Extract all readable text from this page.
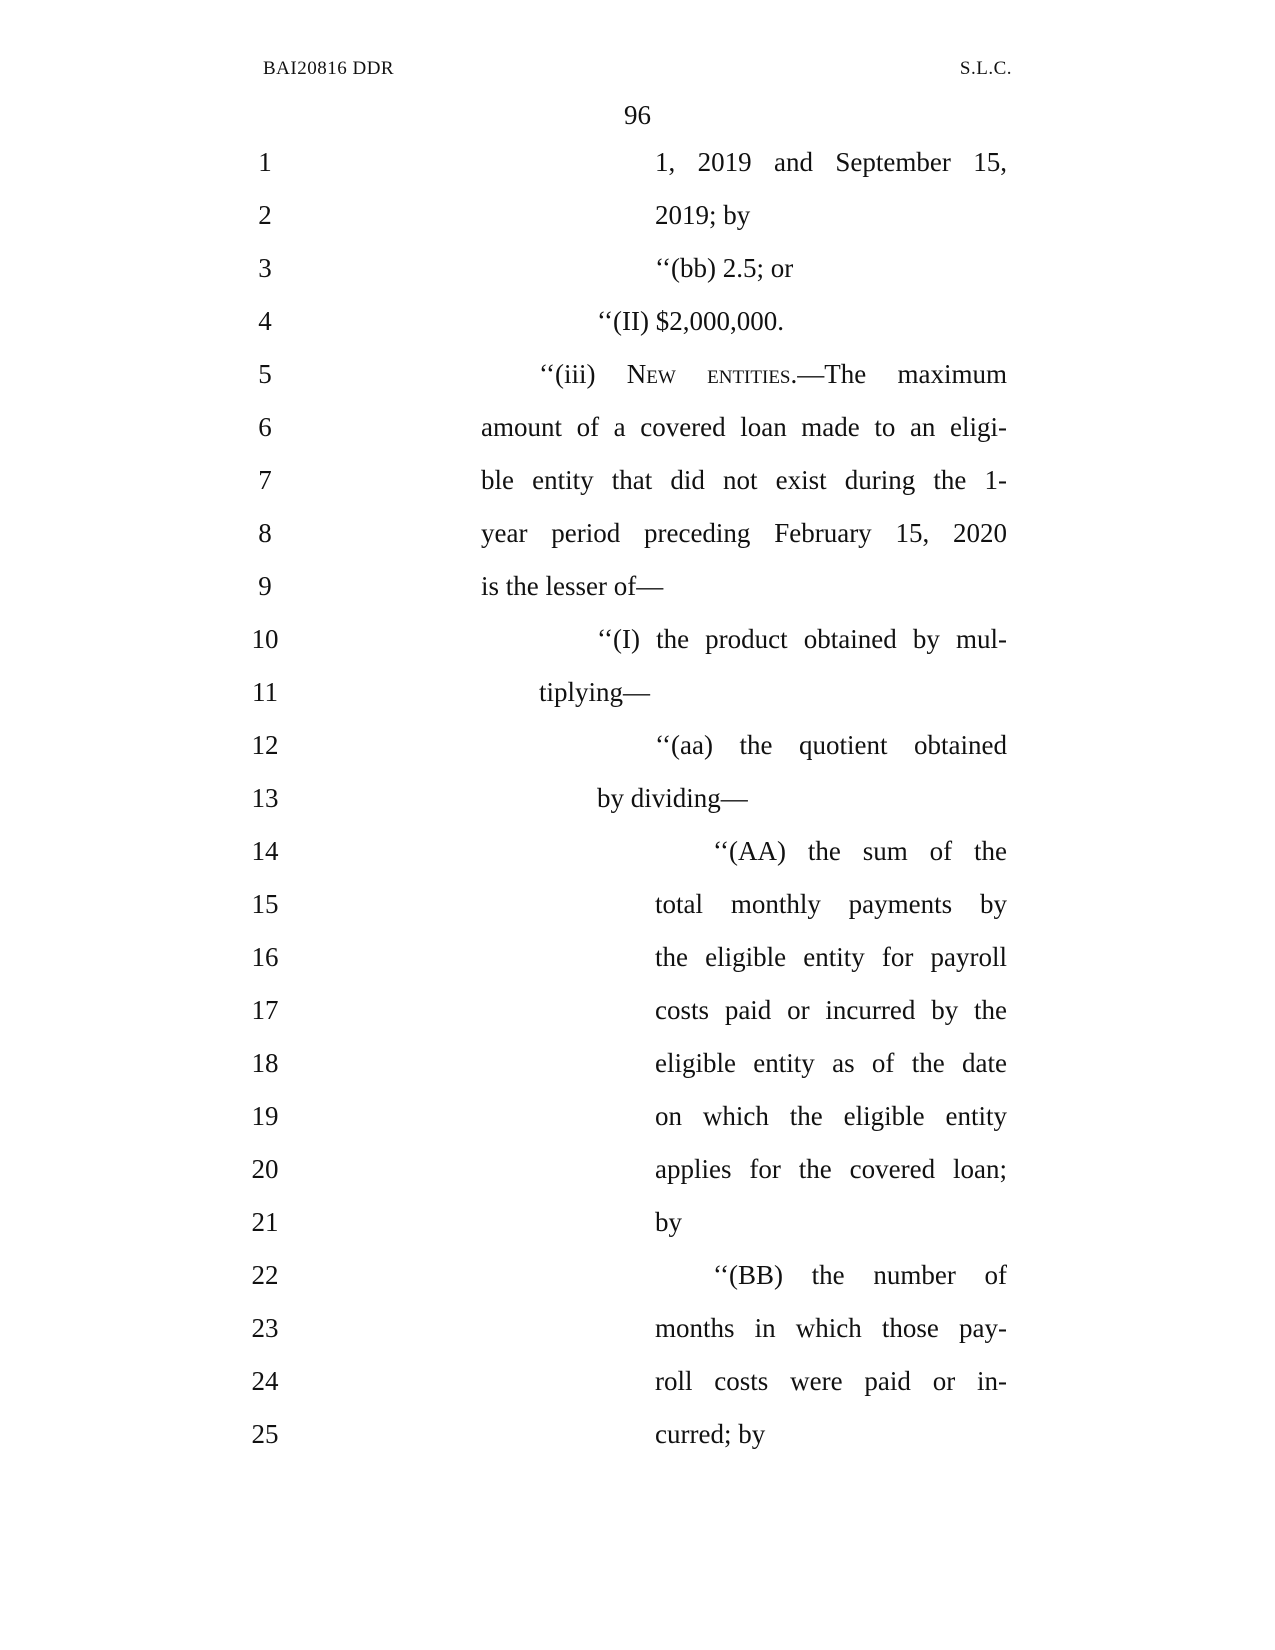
BAI20816 DDR	S.L.C.
96
1	1, 2019 and September 15,
2	2019; by
3	‘‘(bb) 2.5; or
4	‘‘(II) $2,000,000.
5	‘‘(iii) New entities.—The maximum
6	amount of a covered loan made to an eligi-
7	ble entity that did not exist during the 1-
8	year period preceding February 15, 2020
9	is the lesser of—
10	‘‘(I) the product obtained by mul-
11	tiplying—
12	‘‘(aa) the quotient obtained
13	by dividing—
14	‘‘(AA) the sum of the
15	total monthly payments by
16	the eligible entity for payroll
17	costs paid or incurred by the
18	eligible entity as of the date
19	on which the eligible entity
20	applies for the covered loan;
21	by
22	‘‘(BB) the number of
23	months in which those pay-
24	roll costs were paid or in-
25	curred; by
